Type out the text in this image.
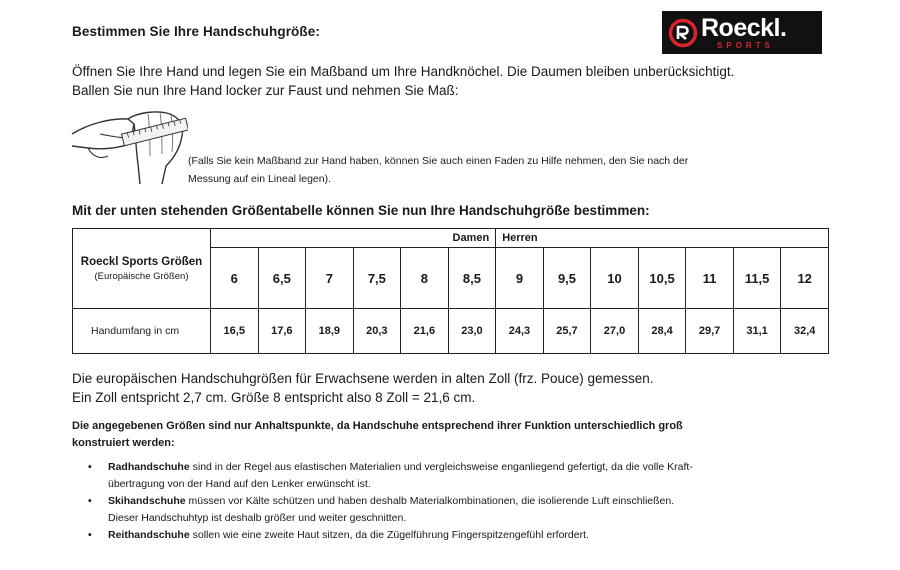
Bestimmen Sie Ihre Handschuhgröße:	Roeckl.
SPORTS
Öffnen Sie Ihre Hand und legen Sie ein Maßband um Ihre Handknöchel. Die Daumen bleiben unberücksichtigt.
Ballen Sie nun Ihre Hand locker zur Faust und nehmen Sie Maß:
(Falls Sie kein Maßband zur Hand haben, können Sie auch einen Faden zu Hilfe nehmen, den Sie nach der
Messung auf ein Lineal legen).
Mit der unten stehenden Größentabelle können Sie nun Ihre Handschuhgröße bestimmen:
Roeckl Sports Größen
(Europäische Größen)	Damen						Herren						
	6	6,5	7	7,5	8	8,5	9	9,5	10	10,5	11	11,5	12
Handumfang in cm	16,5	17,6	18,9	20,3	21,6	23,0	24,3	25,7	27,0	28,4	29,7	31,1	32,4
Die europäischen Handschuhgrößen für Erwachsene werden in alten Zoll (frz. Pouce) gemessen.
Ein Zoll entspricht 2,7 cm. Größe 8 entspricht also 8 Zoll = 21,6 cm.
Die angegebenen Größen sind nur Anhaltspunkte, da Handschuhe entsprechend ihrer Funktion unterschiedlich groß
konstruiert werden:
• Radhandschuhe sind in der Regel aus elastischen Materialien und vergleichsweise enganliegend gefertigt, da die volle Kraft-
übertragung von der Hand auf den Lenker erwünscht ist.
• Skihandschuhe müssen vor Kälte schützen und haben deshalb Materialkombinationen, die isolierende Luft einschließen.
Dieser Handschuhtyp ist deshalb größer und weiter geschnitten.
• Reithandschuhe sollen wie eine zweite Haut sitzen, da die Zügelführung Fingerspitzengefühl erfordert.
